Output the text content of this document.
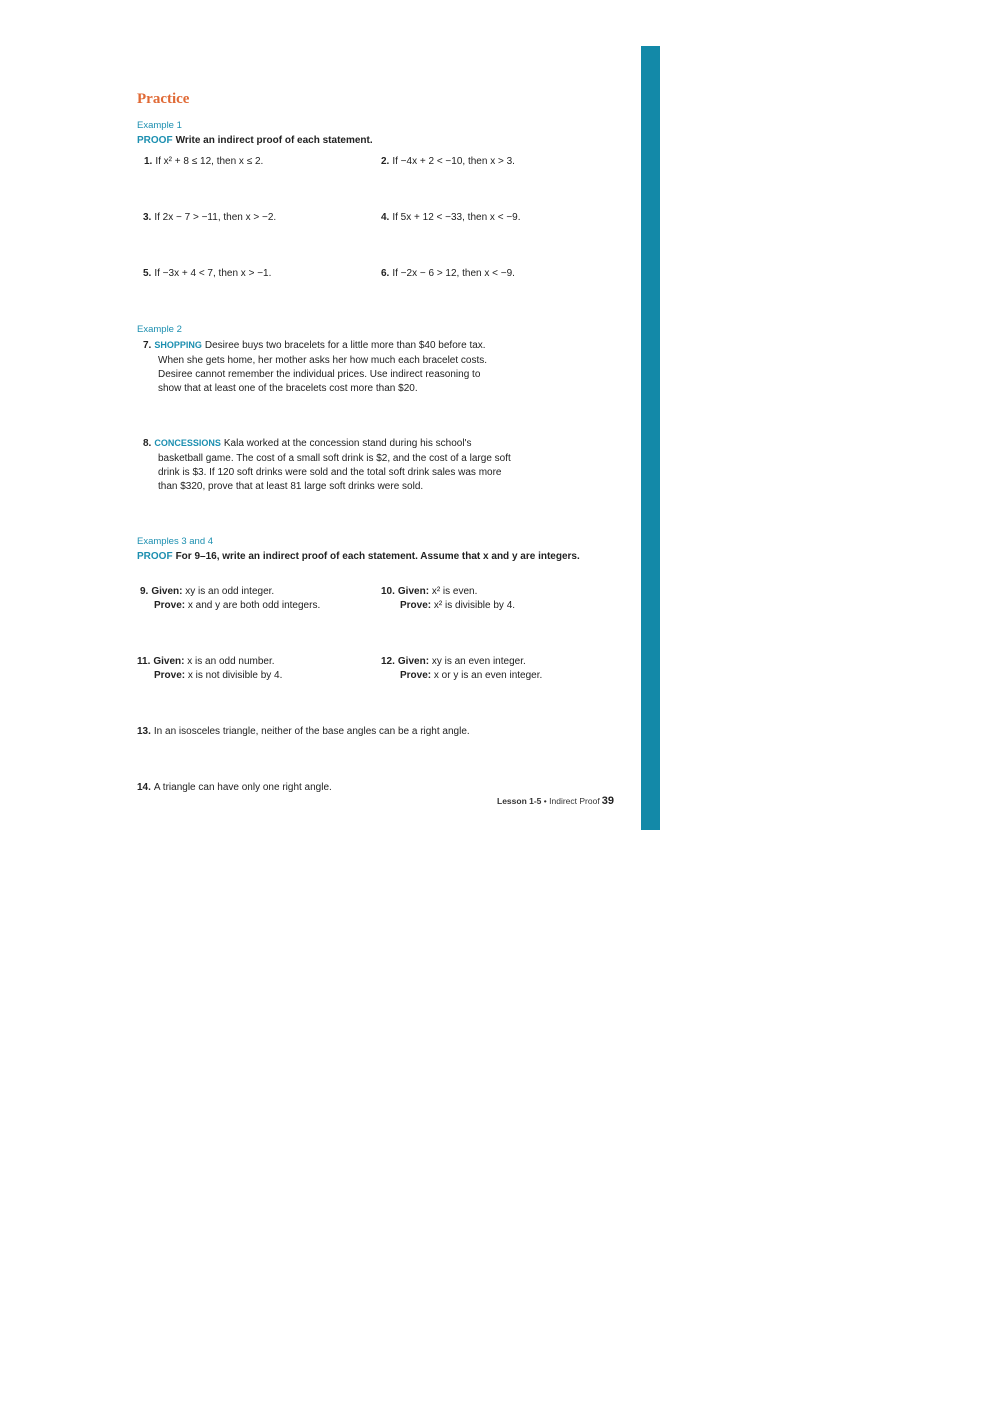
Practice
Example 1
PROOF Write an indirect proof of each statement.
1. If x² + 8 ≤ 12, then x ≤ 2.	2. If −4x + 2 < −10, then x > 3.
3. If 2x − 7 > −11, then x > −2.	4. If 5x + 12 < −33, then x < −9.
5. If −3x + 4 < 7, then x > −1.	6. If −2x − 6 > 12, then x < −9.
Example 2
7. SHOPPING Desiree buys two bracelets for a little more than $40 before tax.
When she gets home, her mother asks her how much each bracelet costs.
Desiree cannot remember the individual prices. Use indirect reasoning to
show that at least one of the bracelets cost more than $20.
8. CONCESSIONS Kala worked at the concession stand during his school's
basketball game. The cost of a small soft drink is $2, and the cost of a large soft
drink is $3. If 120 soft drinks were sold and the total soft drink sales was more
than $320, prove that at least 81 large soft drinks were sold.
Examples 3 and 4
PROOF For 9–16, write an indirect proof of each statement. Assume that x and y are integers.
9. Given: xy is an odd integer.
Prove: x and y are both odd integers.
10. Given: x² is even.
Prove: x² is divisible by 4.
11. Given: x is an odd number.
Prove: x is not divisible by 4.
12. Given: xy is an even integer.
Prove: x or y is an even integer.
13. In an isosceles triangle, neither of the base angles can be a right angle.
14. A triangle can have only one right angle.
Lesson 1-5 • Indirect Proof 39
